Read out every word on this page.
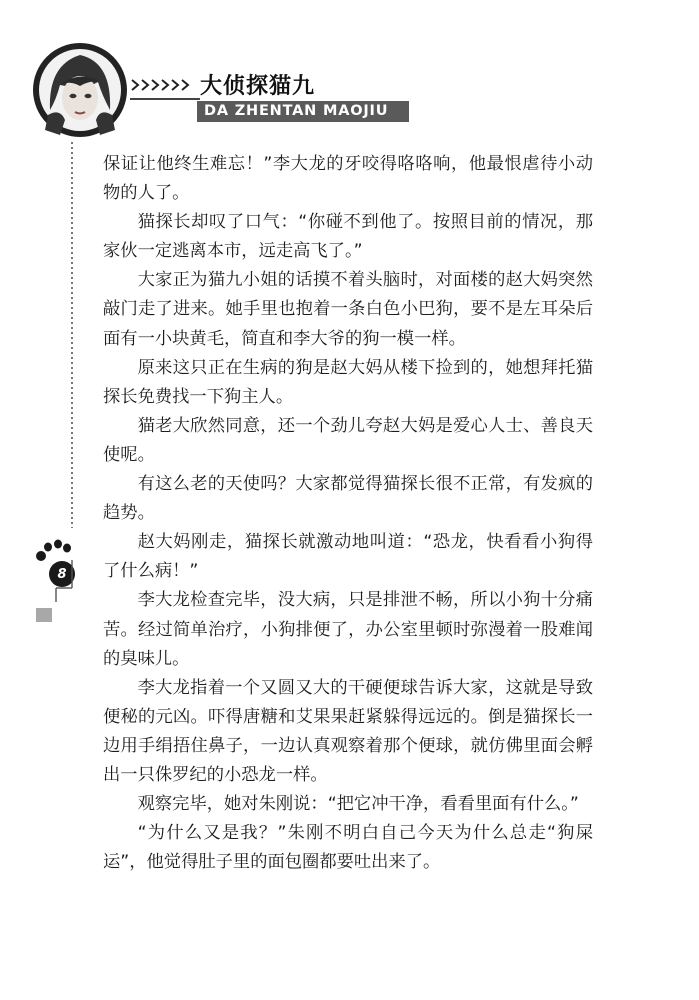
大侦探猫九
DA ZHENTAN MAOJIU
8

保证让他终生难忘！”李大龙的牙咬得咯咯响，他最恨虐待小动物的人了。

猫探长却叹了口气：“你碰不到他了。按照目前的情况，那家伙一定逃离本市，远走高飞了。”

大家正为猫九小姐的话摸不着头脑时，对面楼的赵大妈突然敲门走了进来。她手里也抱着一条白色小巴狗，要不是左耳朵后面有一小块黄毛，简直和李大爷的狗一模一样。

原来这只正在生病的狗是赵大妈从楼下捡到的，她想拜托猫探长免费找一下狗主人。

猫老大欣然同意，还一个劲儿夸赵大妈是爱心人士、善良天使呢。

有这么老的天使吗？大家都觉得猫探长很不正常，有发疯的趋势。

赵大妈刚走，猫探长就激动地叫道：“恐龙，快看看小狗得了什么病！”

李大龙检查完毕，没大病，只是排泄不畅，所以小狗十分痛苦。经过简单治疗，小狗排便了，办公室里顿时弥漫着一股难闻的臭味儿。

李大龙指着一个又圆又大的干硬便球告诉大家，这就是导致便秘的元凶。吓得唐糖和艾果果赶紧躲得远远的。倒是猫探长一边用手绢捂住鼻子，一边认真观察着那个便球，就仿佛里面会孵出一只侏罗纪的小恐龙一样。

观察完毕，她对朱刚说：“把它冲干净，看看里面有什么。”

“为什么又是我？”朱刚不明白自己今天为什么总走“狗屎运”，他觉得肚子里的面包圈都要吐出来了。
